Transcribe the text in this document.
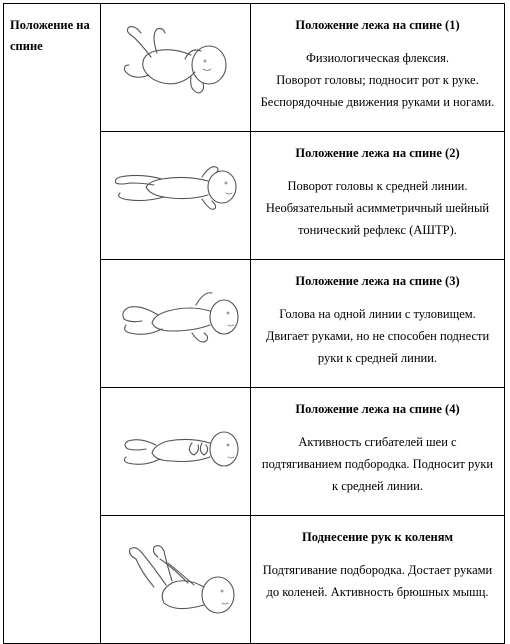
Положение на спине		Положение лежа на спине (1)
Физиологическая флексия.
Поворот головы; подносит рот к руке.
Беспорядочные движения руками и ногами.

Положение лежа на спине (2)
Поворот головы к средней линии.
Необязательный асимметричный шейный
тонический рефлекс (АШТР).

Положение лежа на спине (3)
Голова на одной линии с туловищем.
Двигает руками, но не способен поднести
руки к средней линии.

Положение лежа на спине (4)
Активность сгибателей шеи с
подтягиванием подбородка. Подносит руки
к средней линии.

Поднесение рук к коленям
Подтягивание подбородка. Достает руками
до коленей. Активность брюшных мышц.
